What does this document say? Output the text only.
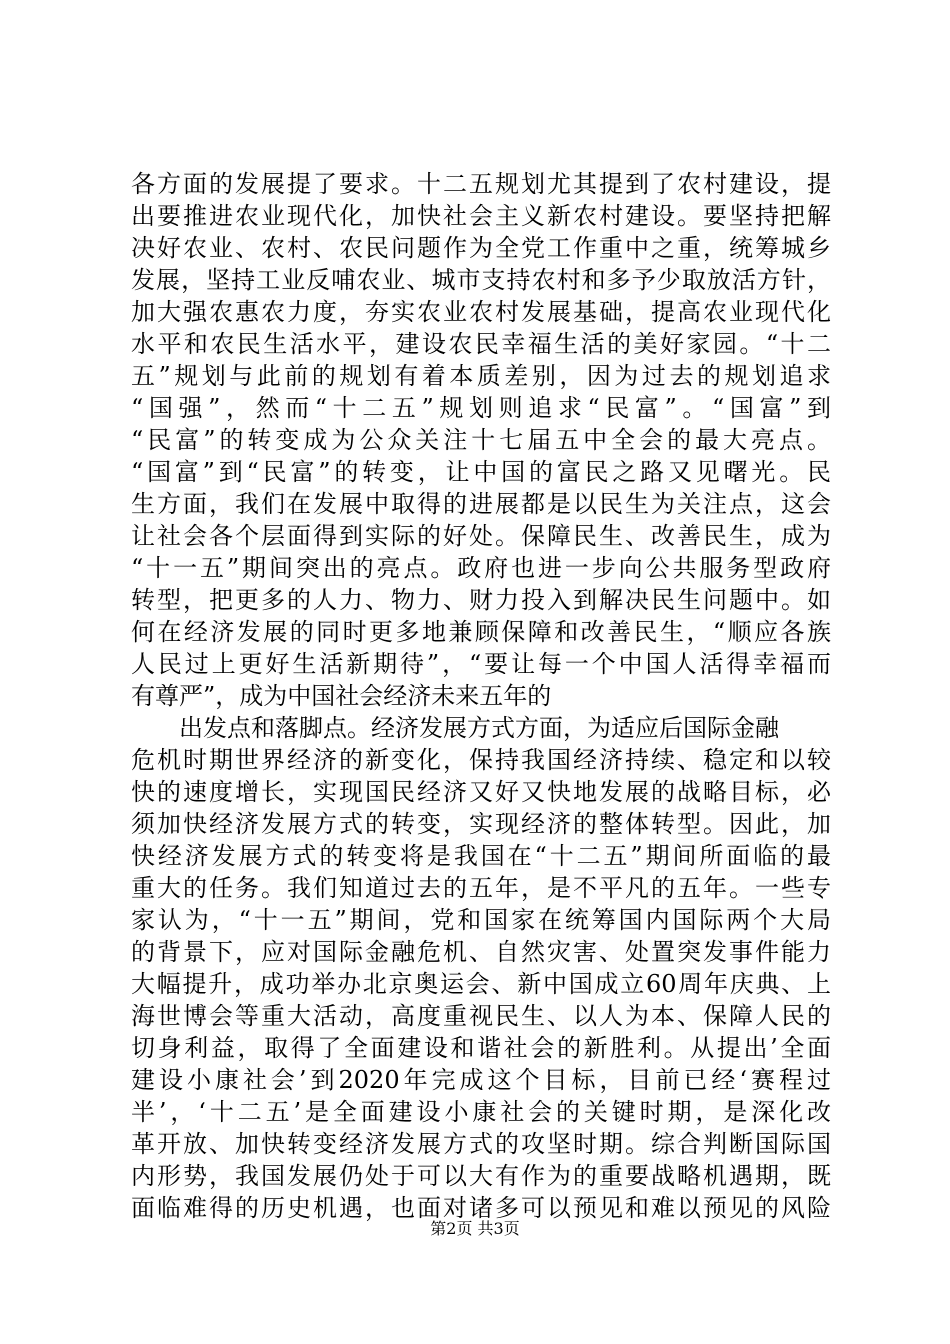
各方面的发展提了要求。十二五规划尤其提到了农村建设，提
出要推进农业现代化，加快社会主义新农村建设。要坚持把解
决好农业、农村、农民问题作为全党工作重中之重，统筹城乡
发展，坚持工业反哺农业、城市支持农村和多予少取放活方针，
加大强农惠农力度，夯实农业农村发展基础，提高农业现代化
水平和农民生活水平，建设农民幸福生活的美好家园。“十二
五”规划与此前的规划有着本质差别，因为过去的规划追求
“国强”，然而“十二五”规划则追求“民富”。“国富”到
“民富”的转变成为公众关注十七届五中全会的最大亮点。
“国富”到“民富”的转变，让中国的富民之路又见曙光。民
生方面，我们在发展中取得的进展都是以民生为关注点，这会
让社会各个层面得到实际的好处。保障民生、改善民生，成为
“十一五”期间突出的亮点。政府也进一步向公共服务型政府
转型，把更多的人力、物力、财力投入到解决民生问题中。如
何在经济发展的同时更多地兼顾保障和改善民生，“顺应各族
人民过上更好生活新期待”，“要让每一个中国人活得幸福而
有尊严”，成为中国社会经济未来五年的
出发点和落脚点。经济发展方式方面，为适应后国际金融
危机时期世界经济的新变化，保持我国经济持续、稳定和以较
快的速度增长，实现国民经济又好又快地发展的战略目标，必
须加快经济发展方式的转变，实现经济的整体转型。因此，加
快经济发展方式的转变将是我国在“十二五”期间所面临的最
重大的任务。我们知道过去的五年，是不平凡的五年。一些专
家认为，“十一五”期间，党和国家在统筹国内国际两个大局
的背景下，应对国际金融危机、自然灾害、处置突发事件能力
大幅提升，成功举办北京奥运会、新中国成立60周年庆典、上
海世博会等重大活动，高度重视民生、以人为本、保障人民的
切身利益，取得了全面建设和谐社会的新胜利。从提出’全面
建设小康社会’到2020年完成这个目标，目前已经‘赛程过
半’，‘十二五’是全面建设小康社会的关键时期，是深化改
革开放、加快转变经济发展方式的攻坚时期。综合判断国际国
内形势，我国发展仍处于可以大有作为的重要战略机遇期，既
面临难得的历史机遇，也面对诸多可以预见和难以预见的风险
第2页 共3页
